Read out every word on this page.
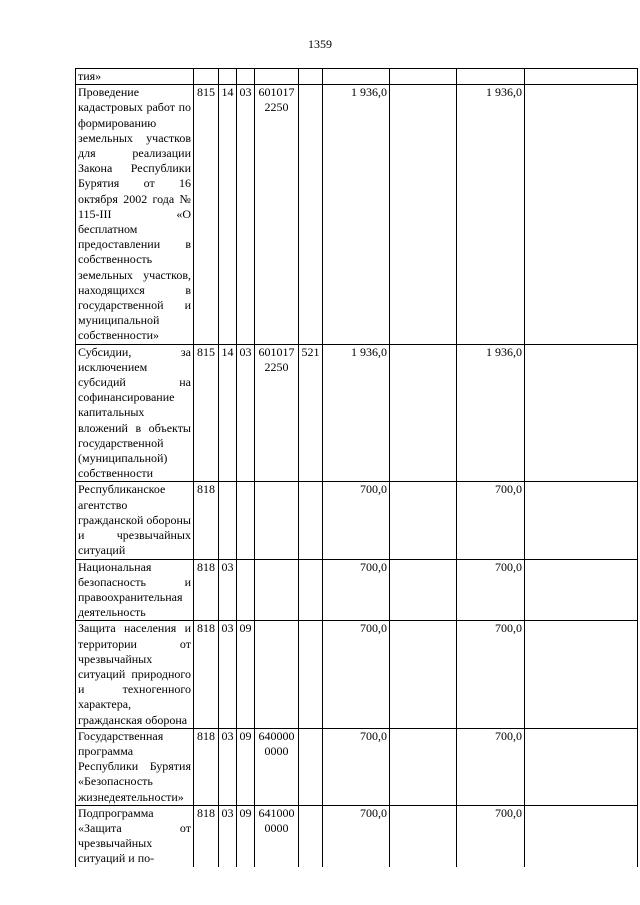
1359
тия»									
Проведение кадастровых работ по формированию земельных участков для реализации Закона Республики Бурятия от 16 октября 2002 года № 115-III «О бесплатном предоставлении в собственность земельных участков, находящихся в государственной и муниципальной собственности»	815	14	03	601017 2250		1 936,0		1 936,0	
Субсидии, за исключением субсидий на софинансирование капитальных вложений в объекты государственной (муниципальной) собственности	815	14	03	601017 2250	521	1 936,0		1 936,0	
Республиканское агентство гражданской обороны и чрезвычайных ситуаций	818					700,0		700,0	
Национальная безопасность и правоохранительная деятельность	818	03				700,0		700,0	
Защита населения и территории от чрезвычайных ситуаций природного и техногенного характера, гражданская оборона	818	03	09			700,0		700,0	
Государственная программа Республики Бурятия «Безопасность жизнедеятельности»	818	03	09	640000 0000		700,0		700,0	
Подпрограмма «Защита от чрезвычайных ситуаций и по-	818	03	09	641000 0000		700,0		700,0	
